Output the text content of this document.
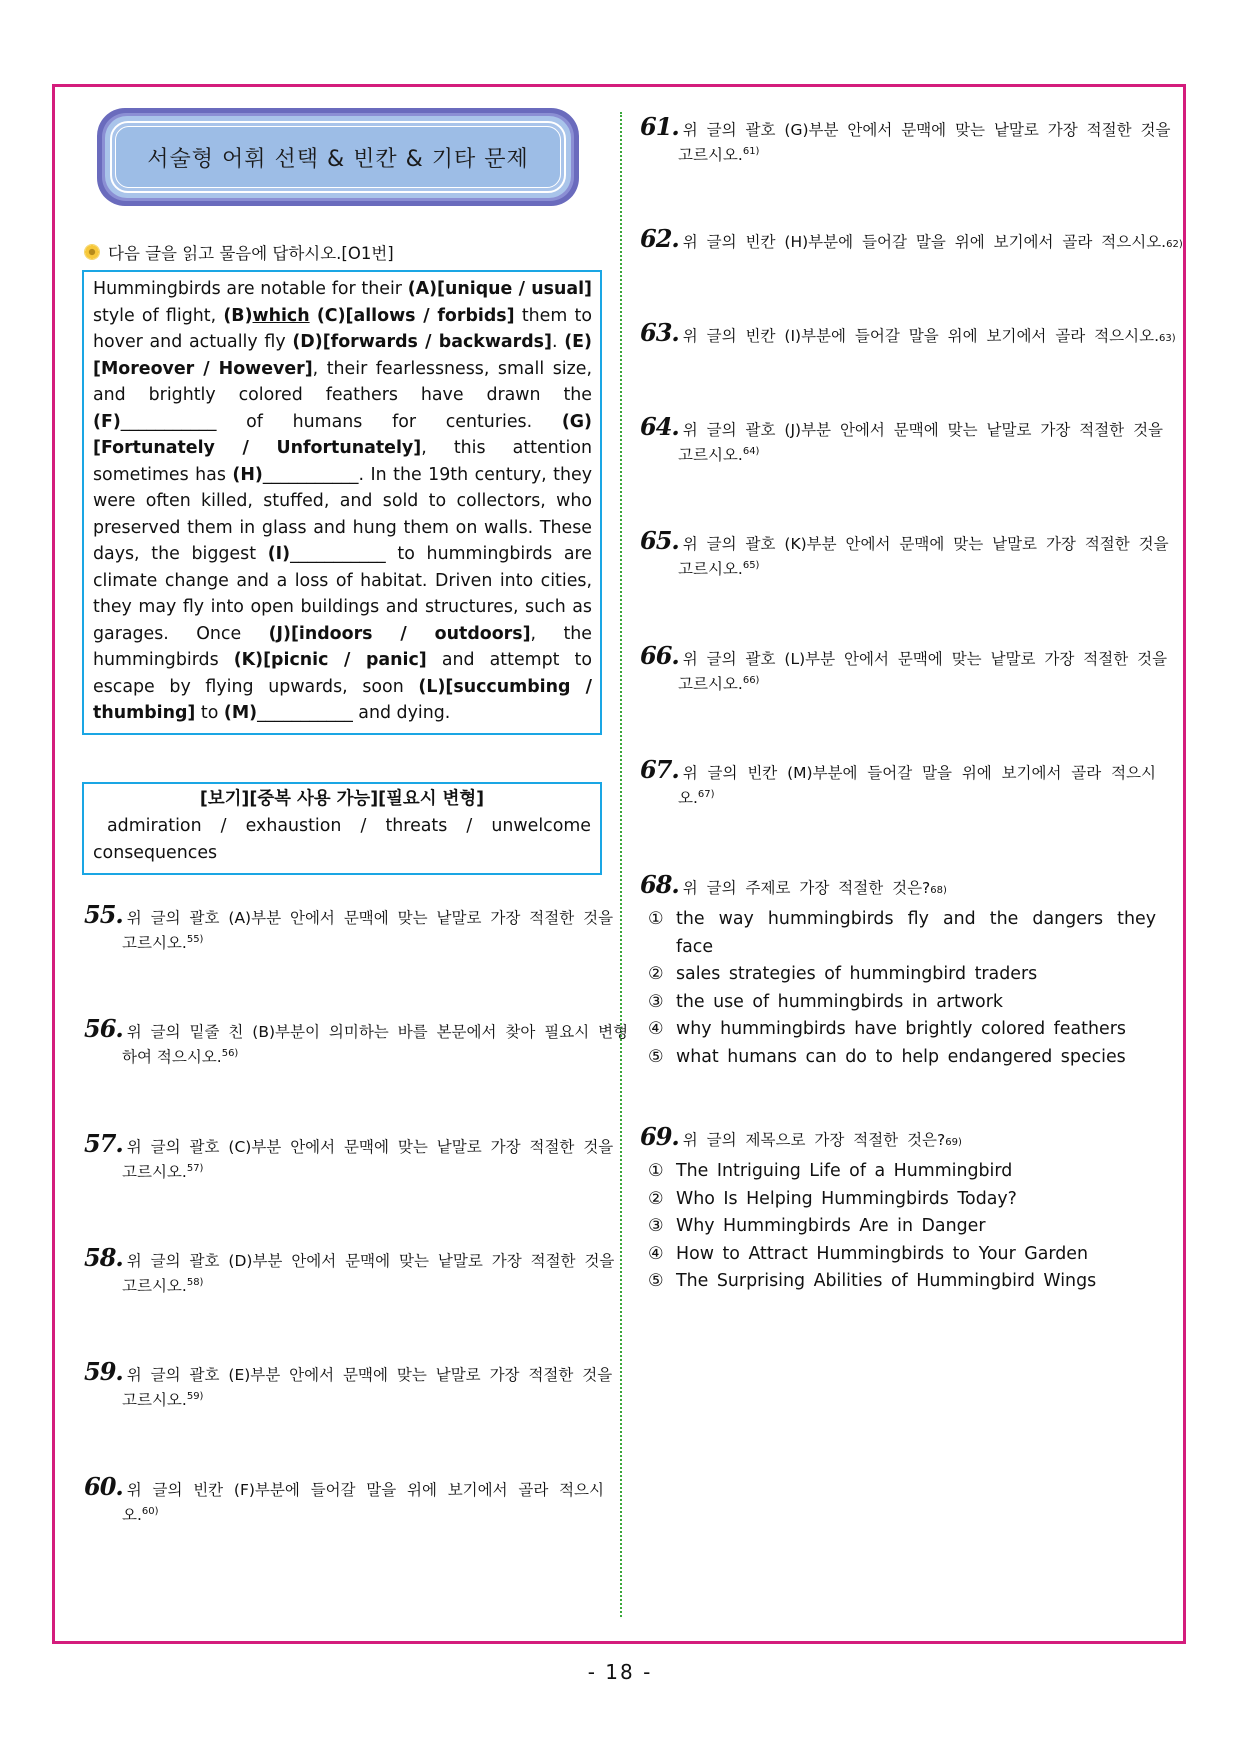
서술형 어휘 선택 & 빈칸 & 기타 문제
다음 글을 읽고 물음에 답하시오.[O1번]
Hummingbirds are notable for their (A)[unique / usual] style of flight, (B)which (C)[allows / forbids] them to hover and actually fly (D)[forwards / backwards]. (E)[Moreover / However], their fearlessness, small size, and brightly colored feathers have drawn the (F)___________ of humans for centuries. (G)[Fortunately / Unfortunately], this attention sometimes has (H)___________. In the 19th century, they were often killed, stuffed, and sold to collectors, who preserved them in glass and hung them on walls. These days, the biggest (I)___________ to hummingbirds are climate change and a loss of habitat. Driven into cities, they may fly into open buildings and structures, such as garages. Once (J)[indoors / outdoors], the hummingbirds (K)[picnic / panic] and attempt to escape by flying upwards, soon (L)[succumbing / thumbing] to (M)___________ and dying.
[보기][중복 사용 가능][필요시 변형]
admiration / exhaustion / threats / unwelcome consequences
55. 위 글의 괄호 (A)부분 안에서 문맥에 맞는 낱말로 가장 적절한 것을
고르시오.$^{55)}$
56. 위 글의 밑줄 친 (B)부분이 의미하는 바를 본문에서 찾아 필요시 변형
하여 적으시오.$^{56)}$
57. 위 글의 괄호 (C)부분 안에서 문맥에 맞는 낱말로 가장 적절한 것을
고르시오.$^{57)}$
58. 위 글의 괄호 (D)부분 안에서 문맥에 맞는 낱말로 가장 적절한 것을
고르시오.$^{58)}$
59. 위 글의 괄호 (E)부분 안에서 문맥에 맞는 낱말로 가장 적절한 것을
고르시오.$^{59)}$
60. 위 글의 빈칸 (F)부분에 들어갈 말을 위에 보기에서 골라 적으시
오.$^{60)}$
61. 위 글의 괄호 (G)부분 안에서 문맥에 맞는 낱말로 가장 적절한 것을
고르시오.$^{61)}$
62. 위 글의 빈칸 (H)부분에 들어갈 말을 위에 보기에서 골라 적으시오. 62)
63. 위 글의 빈칸 (I)부분에 들어갈 말을 위에 보기에서 골라 적으시오. 63)
64. 위 글의 괄호 (J)부분 안에서 문맥에 맞는 낱말로 가장 적절한 것을
고르시오.$^{64)}$
65. 위 글의 괄호 (K)부분 안에서 문맥에 맞는 낱말로 가장 적절한 것을
고르시오.$^{65)}$
66. 위 글의 괄호 (L)부분 안에서 문맥에 맞는 낱말로 가장 적절한 것을
고르시오.$^{66)}$
67. 위 글의 빈칸 (M)부분에 들어갈 말을 위에 보기에서 골라 적으시
오.$^{67)}$
68. 위 글의 주제로 가장 적절한 것은? 68)
① the way hummingbirds fly and the dangers they face
② sales strategies of hummingbird traders
③ the use of hummingbirds in artwork
④ why hummingbirds have brightly colored feathers
⑤ what humans can do to help endangered species
69. 위 글의 제목으로 가장 적절한 것은? 69)
① The Intriguing Life of a Hummingbird
② Who Is Helping Hummingbirds Today?
③ Why Hummingbirds Are in Danger
④ How to Attract Hummingbirds to Your Garden
⑤ The Surprising Abilities of Hummingbird Wings
- 18 -
